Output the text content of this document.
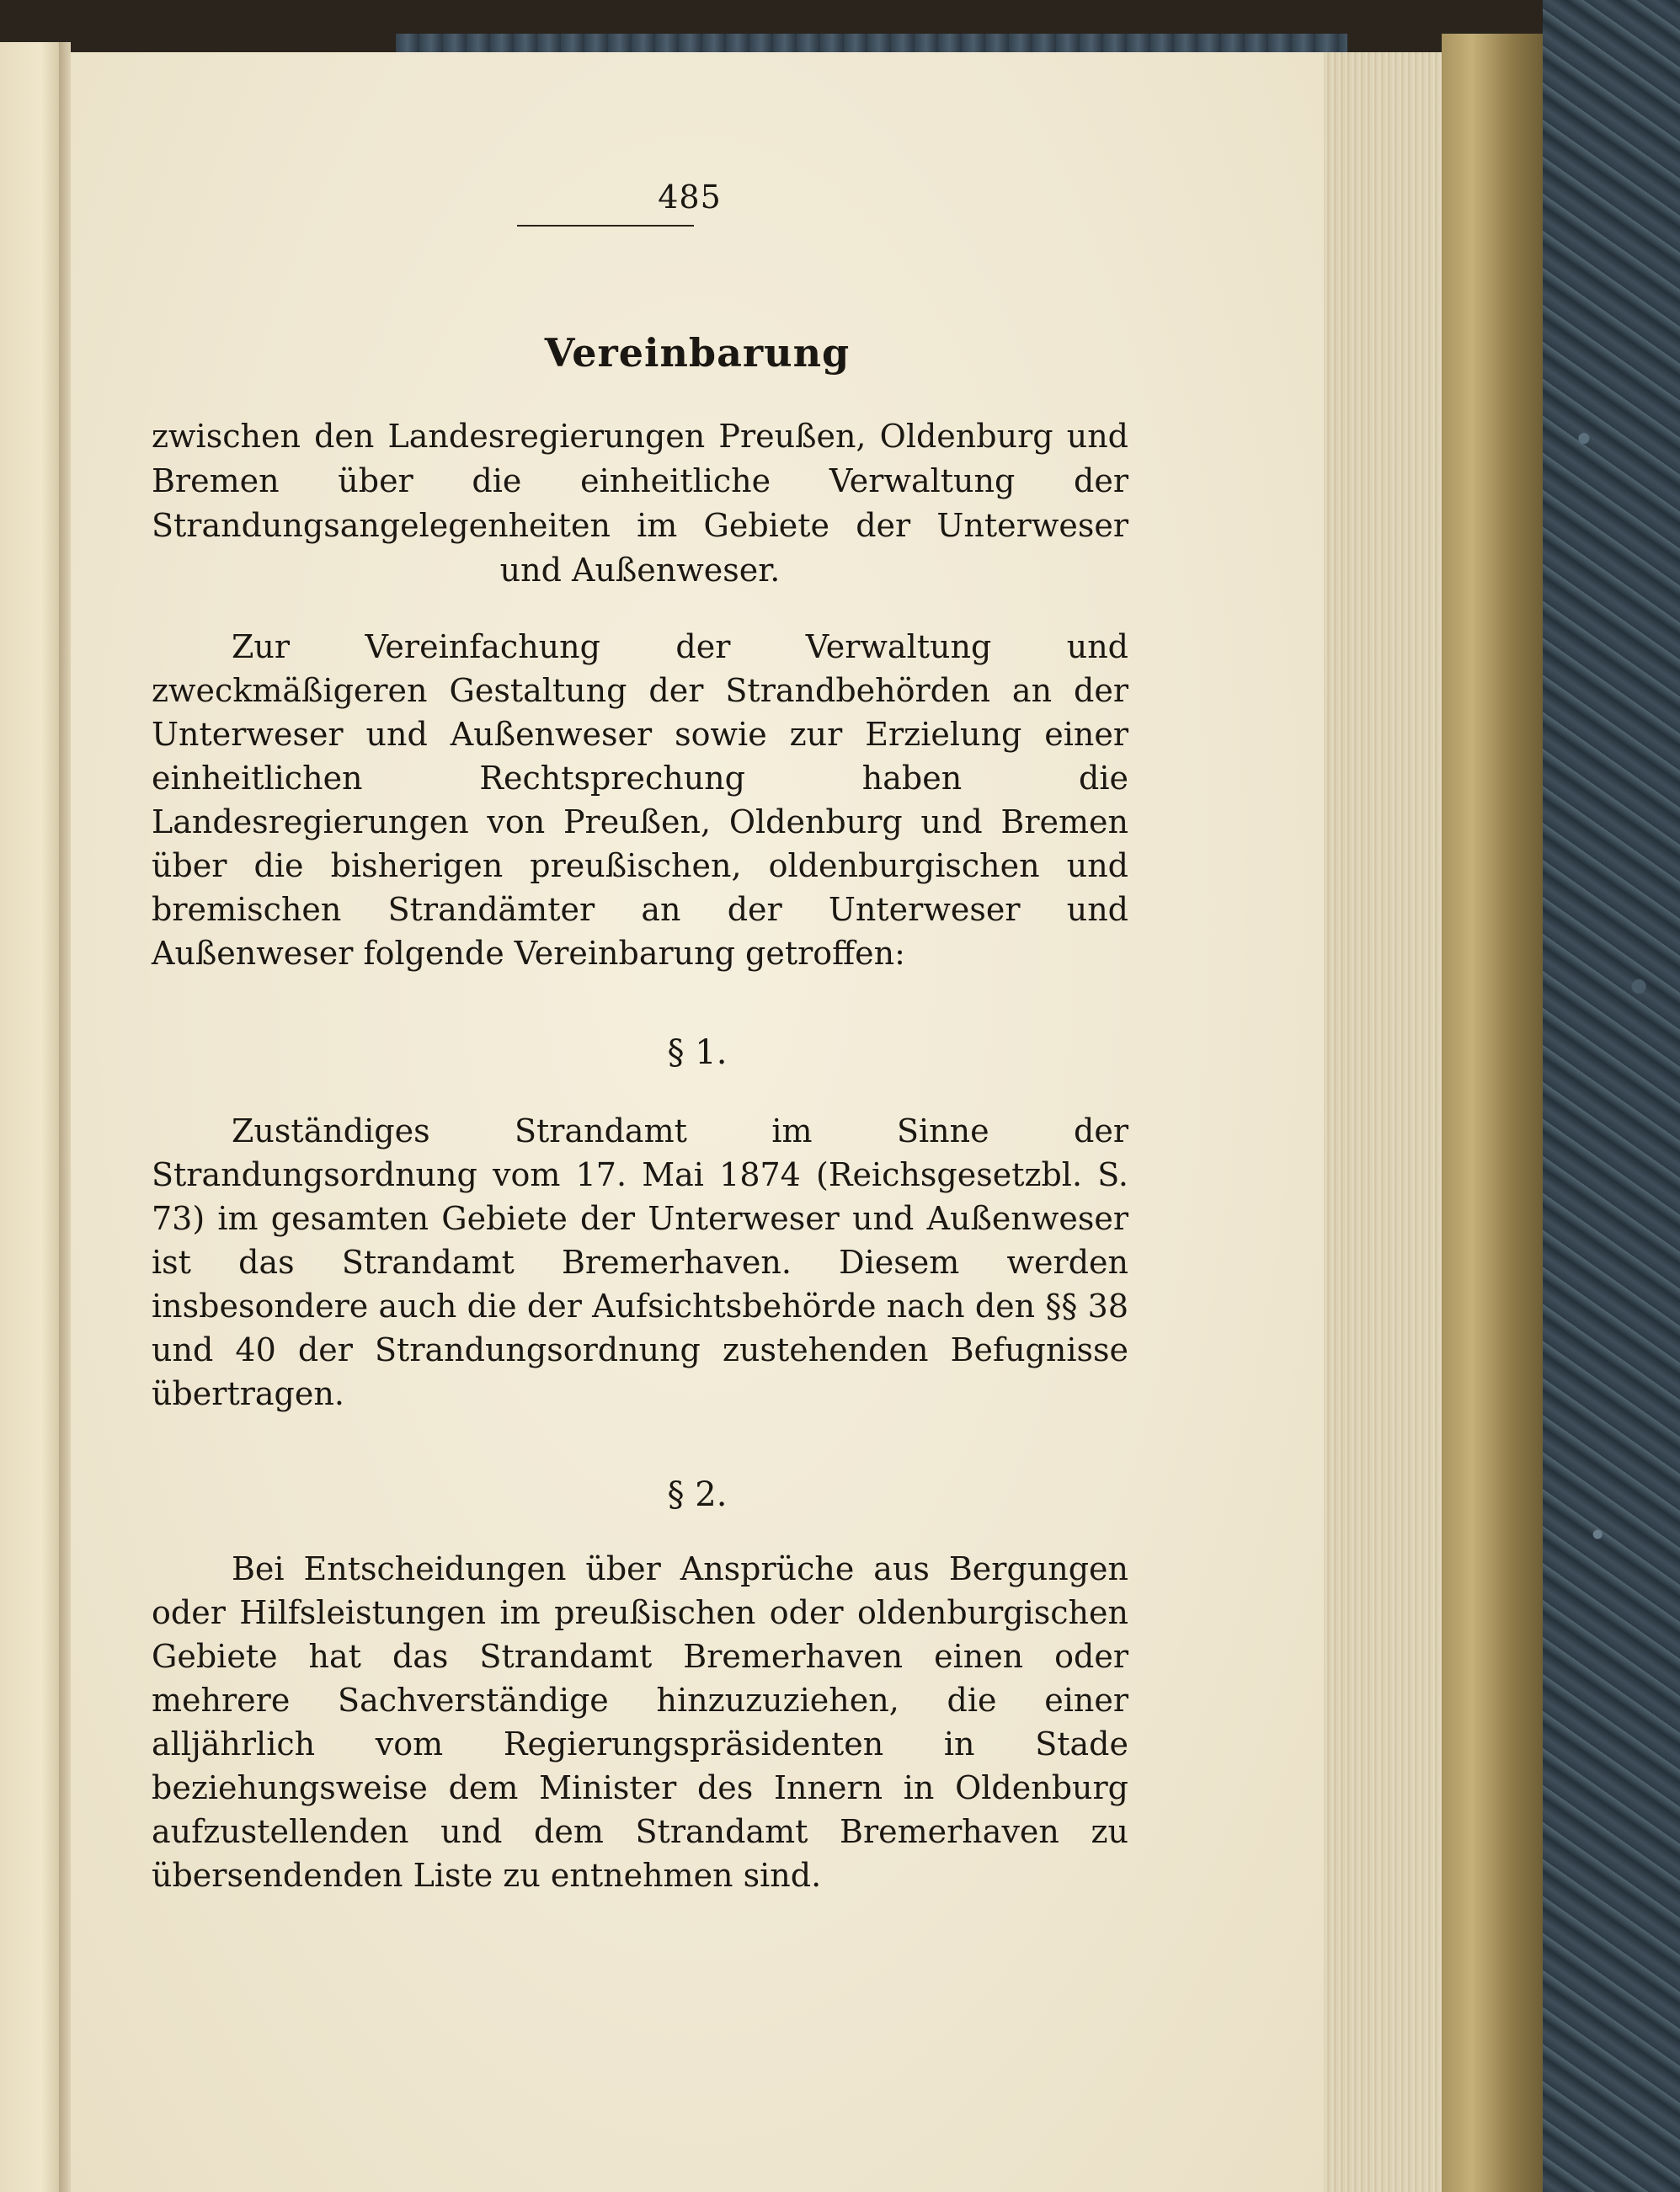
485
Vereinbarung
zwischen den Landesregierungen Preußen, Oldenburg und Bremen über die einheitliche Verwaltung der Strandungsangelegenheiten im Gebiete der Unterweser und Außenweser.
Zur Vereinfachung der Verwaltung und zweckmäßigeren Gestaltung der Strandbehörden an der Unterweser und Außenweser sowie zur Erzielung einer einheitlichen Rechtsprechung haben die Landesregierungen von Preußen, Oldenburg und Bremen über die bisherigen preußischen, oldenburgischen und bremischen Strandämter an der Unterweser und Außenweser folgende Vereinbarung getroffen:
§ 1.
Zuständiges Strandamt im Sinne der Strandungsordnung vom 17. Mai 1874 (Reichsgesetzbl. S. 73) im gesamten Gebiete der Unterweser und Außenweser ist das Strandamt Bremerhaven. Diesem werden insbesondere auch die der Aufsichtsbehörde nach den §§ 38 und 40 der Strandungsordnung zustehenden Befugnisse übertragen.
§ 2.
Bei Entscheidungen über Ansprüche aus Bergungen oder Hilfsleistungen im preußischen oder oldenburgischen Gebiete hat das Strandamt Bremerhaven einen oder mehrere Sachverständige hinzuzuziehen, die einer alljährlich vom Regierungspräsidenten in Stade beziehungsweise dem Minister des Innern in Oldenburg aufzustellenden und dem Strandamt Bremerhaven zu übersendenden Liste zu entnehmen sind.
